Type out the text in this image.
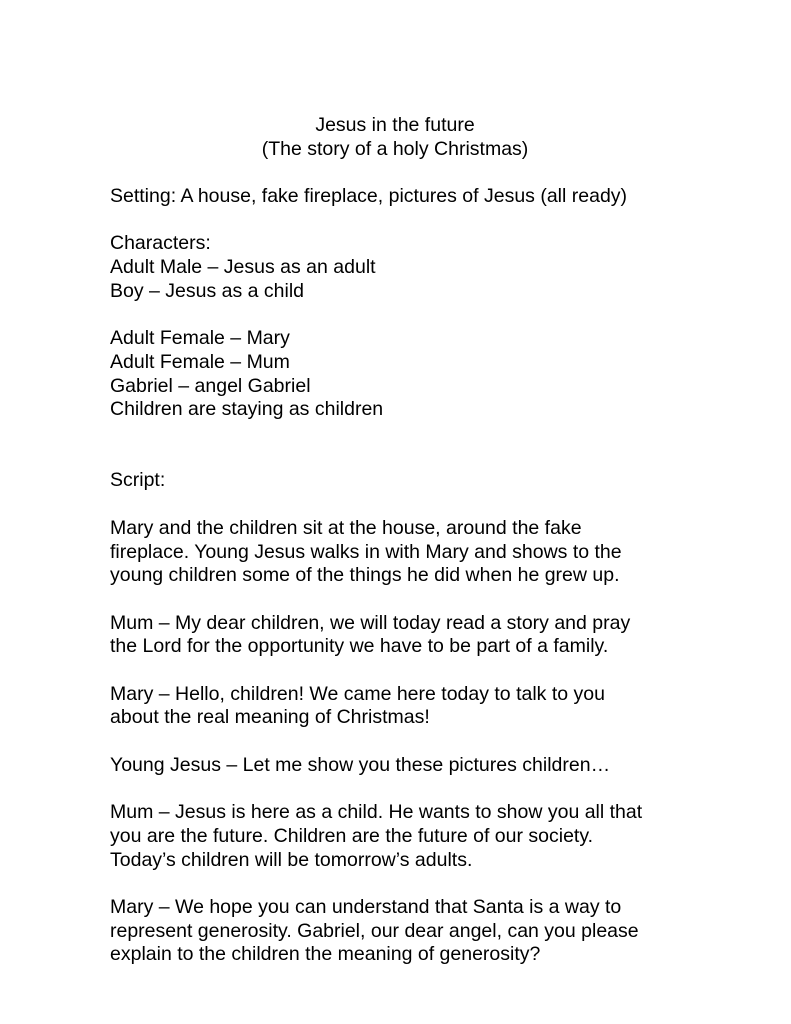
Jesus in the future
(The story of a holy Christmas)
Setting: A house, fake fireplace, pictures of Jesus (all ready)
Characters:
Adult Male – Jesus as an adult
Boy – Jesus as a child
Adult Female – Mary
Adult Female – Mum
Gabriel – angel Gabriel
Children are staying as children
Script:
Mary and the children sit at the house, around the fake
fireplace. Young Jesus walks in with Mary and shows to the
young children some of the things he did when he grew up.
Mum – My dear children, we will today read a story and pray
the Lord for the opportunity we have to be part of a family.
Mary – Hello, children! We came here today to talk to you
about the real meaning of Christmas!
Young Jesus – Let me show you these pictures children…
Mum – Jesus is here as a child. He wants to show you all that
you are the future. Children are the future of our society.
Today’s children will be tomorrow’s adults.
Mary – We hope you can understand that Santa is a way to
represent generosity. Gabriel, our dear angel, can you please
explain to the children the meaning of generosity?
